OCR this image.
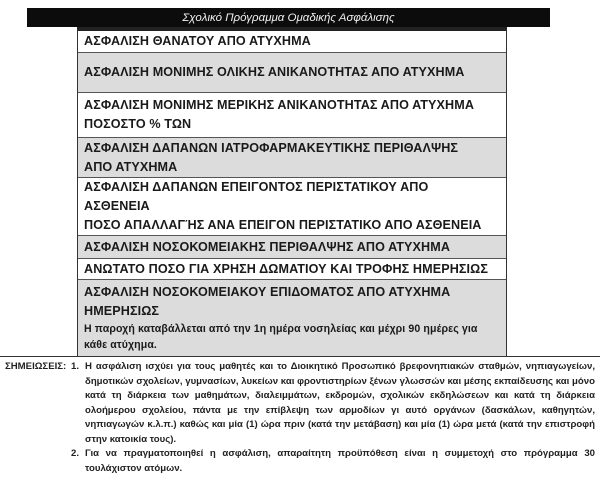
Σχολικό Πρόγραμμα Ομαδικής Ασφάλισης
ΑΣΦΑΛΙΣΗ ΘΑΝΑΤΟΥ ΑΠΟ ΑΤΥΧΗΜΑ
ΑΣΦΑΛΙΣΗ ΜΟΝΙΜΗΣ ΟΛΙΚΗΣ ΑΝΙΚΑΝΟΤΗΤΑΣ ΑΠΟ ΑΤΥΧΗΜΑ
ΑΣΦΑΛΙΣΗ ΜΟΝΙΜΗΣ ΜΕΡΙΚΗΣ ΑΝΙΚΑΝΟΤΗΤΑΣ ΑΠΟ ΑΤΥΧΗΜΑ
ΠΟΣΟΣΤΟ % ΤΩΝ
ΑΣΦΑΛΙΣΗ ΔΑΠΑΝΩΝ ΙΑΤΡΟΦΑΡΜΑΚΕΥΤΙΚΗΣ ΠΕΡΙΘΑΛΨΗΣ
ΑΠΟ ΑΤΥΧΗΜΑ
ΑΣΦΑΛΙΣΗ ΔΑΠΑΝΩΝ ΕΠΕΙΓΟΝΤΟΣ ΠΕΡΙΣΤΑΤΙΚΟΥ ΑΠΟ
ΑΣΘΕΝΕΙΑ
ΠΟΣΟ ΑΠΑΛΛΑΓΉΣ ΑΝΑ ΕΠΕΙΓΟΝ ΠΕΡΙΣΤΑΤΙΚΟ ΑΠΟ ΑΣΘΕΝΕΙΑ
ΑΣΦΑΛΙΣΗ ΝΟΣΟΚΟΜΕΙΑΚΗΣ ΠΕΡΙΘΑΛΨΗΣ ΑΠΟ ΑΤΥΧΗΜΑ
ΑΝΩΤΑΤΟ ΠΟΣΟ ΓΙΑ ΧΡΗΣΗ ΔΩΜΑΤΙΟΥ ΚΑΙ ΤΡΟΦΗΣ ΗΜΕΡΗΣΙΩΣ
ΑΣΦΑΛΙΣΗ ΝΟΣΟΚΟΜΕΙΑΚΟΥ ΕΠΙΔΟΜΑΤΟΣ ΑΠΟ ΑΤΥΧΗΜΑ
ΗΜΕΡΗΣΙΩΣ
Η παροχή καταβάλλεται από την 1η ημέρα νοσηλείας και μέχρι 90 ημέρες για κάθε ατύχημα.
ΣΗΜΕΙΩΣΕΙΣ: 1. Η ασφάλιση ισχύει για τους μαθητές και το Διοικητικό Προσωπικό βρεφονηπιακών σταθμών, νηπιαγωγείων, δημοτικών σχολείων, γυμνασίων, λυκείων και φροντιστηρίων ξένων γλωσσών και μέσης εκπαίδευσης και μόνο κατά τη διάρκεια των μαθημάτων, διαλειμμάτων, εκδρομών, σχολικών εκδηλώσεων και κατά τη διάρκεια ολοήμερου σχολείου, πάντα με την επίβλεψη των αρμοδίων γι αυτό οργάνων (δασκάλων, καθηγητών, νηπιαγωγών κ.λ.π.) καθώς και μία (1) ώρα πριν (κατά την μετάβαση) και μία (1) ώρα μετά (κατά την επιστροφή στην κατοικία τους).
2. Για να πραγματοποιηθεί η ασφάλιση, απαραίτητη προϋπόθεση είναι η συμμετοχή στο πρόγραμμα 30 τουλάχιστον ατόμων.
